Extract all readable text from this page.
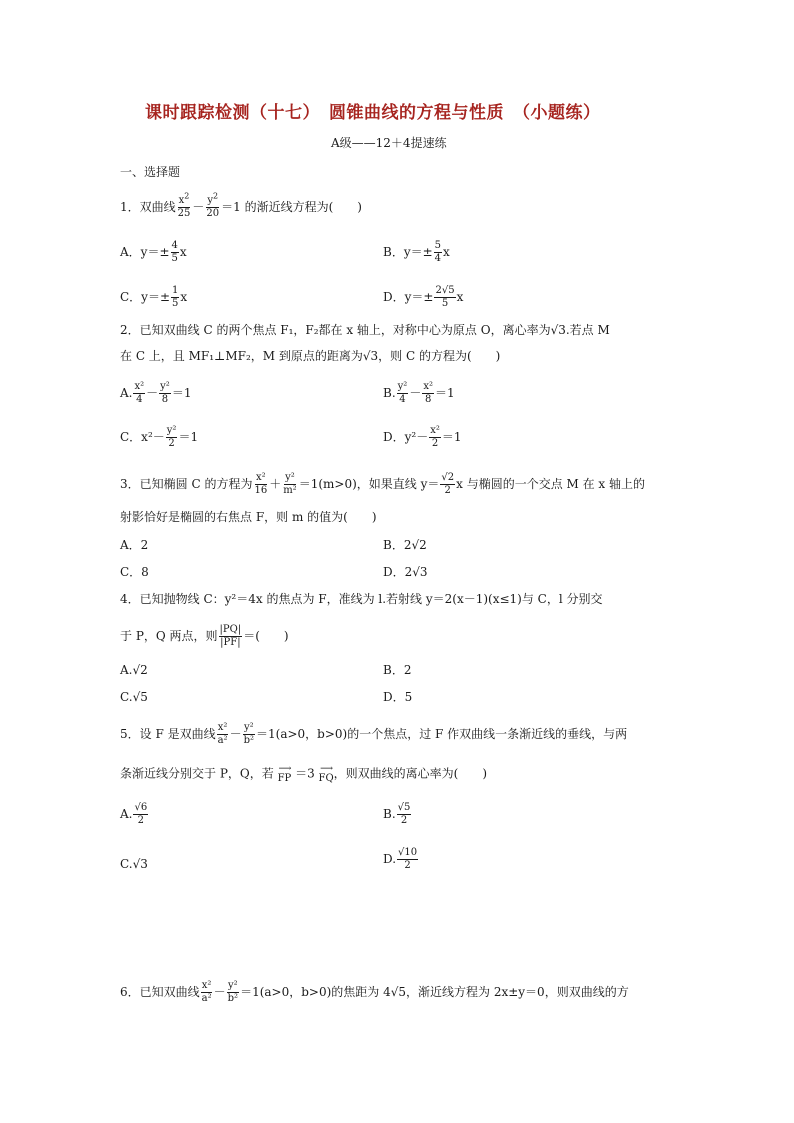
课时跟踪检测（十七）　圆锥曲线的方程与性质　（小题练）
A级——12＋4提速练
一、选择题
1．双曲线 $\frac{x^2}{25} - \frac{y^2}{20} =1$ 的渐近线方程为(　　)
A．$y=\pm \frac{4}{5}$ x	B．$y=\pm \frac{5}{4}$ x
C．$y=\pm \frac{1}{5}$ x	D．$y=\pm \frac{2√5}{5}$ x
2．已知双曲线 C 的两个焦点 F₁，F₂都在 x 轴上，对称中心为原点 O，离心率为√3.若点 M
在 C 上，且 MF₁⊥MF₂，M 到原点的距离为√3，则 C 的方程为(　　)
A. $\frac{\text{x²}}{4} - \frac{\text{y²}}{8} =1$	B. $\frac{\text{y²}}{4} - \frac{\text{x²}}{8} =1$
C．$x^2- \frac{\text{y²}}{2} =1$	D．$y^2- \frac{\text{x²}}{2} =1$
3．已知椭圆 C 的方程为 $\frac{\text{x²}}{16} + \frac{\text{y²}}{\text{m²}} =1(m>0)$，如果直线 $y= \frac{√2}{2}$ x 与椭圆的一个交点 M 在 x 轴上的
射影恰好是椭圆的右焦点 F，则 m 的值为(　　)
A．2	B．2√2
C．8	D．2√3
4．已知抛物线 C：y²＝4x 的焦点为 F，准线为 l.若射线 y＝2(x－1)(x≤1)与 C，l 分别交
于 P，Q 两点，则 $\frac{|PQ|}{|PF|}$ ＝(　　)
A.√2	B．2
C.√5	D．5
5．设 F 是双曲线 $\frac{\text{x²}}{\text{a²}} - \frac{\text{y²}}{\text{b²}} =1(a>0$，b>0)的一个焦点，过 F 作双曲线一条渐近线的垂线，与两
条渐近线分别交于 P，Q，若 ⟶
FP ＝3 ⟶
FQ ，则双曲线的离心率为(　　)
A. $\frac{√6}{2}$	B. $\frac{√5}{2}$
C.√3	D. $\frac{√10}{2}$
6．已知双曲线 $\frac{\text{x²}}{\text{a²}} - \frac{\text{y²}}{\text{b²}} =1(a>0$，b>0)的焦距为 4√5，渐近线方程为 2x±y＝0，则双曲线的方
